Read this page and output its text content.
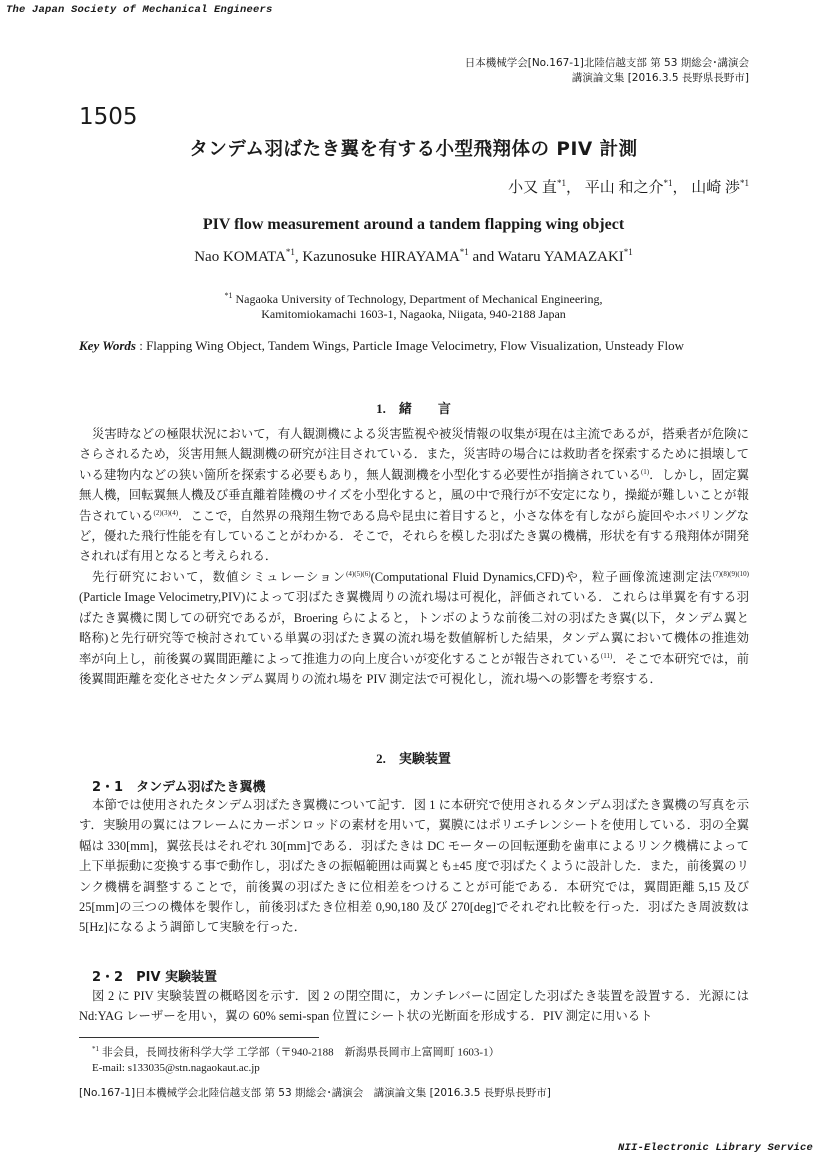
The Japan Society of Mechanical Engineers
日本機械学会[No.167-1]北陸信越支部 第 53 期総会･講演会
講演論文集 [2016.3.5 長野県長野市]
1505
タンデム羽ばたき翼を有する小型飛翔体の PIV 計測
小又 直$^{*1}$， 平山 和之介$^{*1}$， 山崎 渉$^{*1}$
PIV flow measurement around a tandem flapping wing object
Nao KOMATA$^{*1}$, Kazunosuke HIRAYAMA$^{*1}$ and Wataru YAMAZAKI$^{*1}$
$^{*1}$ Nagaoka University of Technology, Department of Mechanical Engineering,
Kamitomiokamachi 1603-1, Nagaoka, Niigata, 940-2188 Japan
Key Words : Flapping Wing Object, Tandem Wings, Particle Image Velocimetry, Flow Visualization, Unsteady Flow
1.　緒　　言
災害時などの極限状況において，有人観測機による災害監視や被災情報の収集が現在は主流であるが，搭乗者が危険にさらされるため，災害用無人観測機の研究が注目されている．また，災害時の場合には救助者を探索するために損壊している建物内などの狭い箇所を探索する必要もあり，無人観測機を小型化する必要性が指摘されている$^{(1)}$．しかし，固定翼無人機，回転翼無人機及び垂直離着陸機のサイズを小型化すると，風の中で飛行が不安定になり，操縦が難しいことが報告されている$^{(2)(3)(4)}$．ここで，自然界の飛翔生物である鳥や昆虫に着目すると，小さな体を有しながら旋回やホバリングなど，優れた飛行性能を有していることがわかる．そこで，それらを模した羽ばたき翼の機構，形状を有する飛翔体が開発されれば有用となると考えられる．
先行研究において，数値シミュレーション$^{(4)(5)(6)}$(Computational Fluid Dynamics,CFD)や，粒子画像流速測定法$^{(7)(8)(9)(10)}$(Particle Image Velocimetry,PIV)によって羽ばたき翼機周りの流れ場は可視化，評価されている．これらは単翼を有する羽ばたき翼機に関しての研究であるが，Broering らによると，トンボのような前後二対の羽ばたき翼(以下，タンデム翼と略称)と先行研究等で検討されている単翼の羽ばたき翼の流れ場を数値解析した結果，タンデム翼において機体の推進効率が向上し，前後翼の翼間距離によって推進力の向上度合いが変化することが報告されている$^{(11)}$．そこで本研究では，前後翼間距離を変化させたタンデム翼周りの流れ場を PIV 測定法で可視化し，流れ場への影響を考察する．
2.　実験装置
2・1　タンデム羽ばたき翼機
本節では使用されたタンデム羽ばたき翼機について記す．図 1 に本研究で使用されるタンデム羽ばたき翼機の写真を示す．実験用の翼にはフレームにカーボンロッドの素材を用いて，翼膜にはポリエチレンシートを使用している．羽の全翼幅は 330[mm]，翼弦長はそれぞれ 30[mm]である．羽ばたきは DC モーターの回転運動を歯車によるリンク機構によって上下単振動に変換する事で動作し，羽ばたきの振幅範囲は両翼とも±45 度で羽ばたくように設計した．また，前後翼のリンク機構を調整することで，前後翼の羽ばたきに位相差をつけることが可能である．本研究では，翼間距離 5,15 及び 25[mm]の三つの機体を製作し，前後羽ばたき位相差 0,90,180 及び 270[deg]でそれぞれ比較を行った．羽ばたき周波数は 5[Hz]になるよう調節して実験を行った．
2・2　PIV 実験装置
図 2 に PIV 実験装置の概略図を示す．図 2 の閉空間に，カンチレバーに固定した羽ばたき装置を設置する．光源には Nd:YAG レーザーを用い，翼の 60% semi-span 位置にシート状の光断面を形成する．PIV 測定に用いるト
$^{*1}$ 非会員，長岡技術科学大学 工学部（〒940-2188　新潟県長岡市上富岡町 1603-1）
E-mail: s133035@stn.nagaokaut.ac.jp
[No.167-1]日本機械学会北陸信越支部 第 53 期総会･講演会　講演論文集 [2016.3.5 長野県長野市]
NII-Electronic Library Service
